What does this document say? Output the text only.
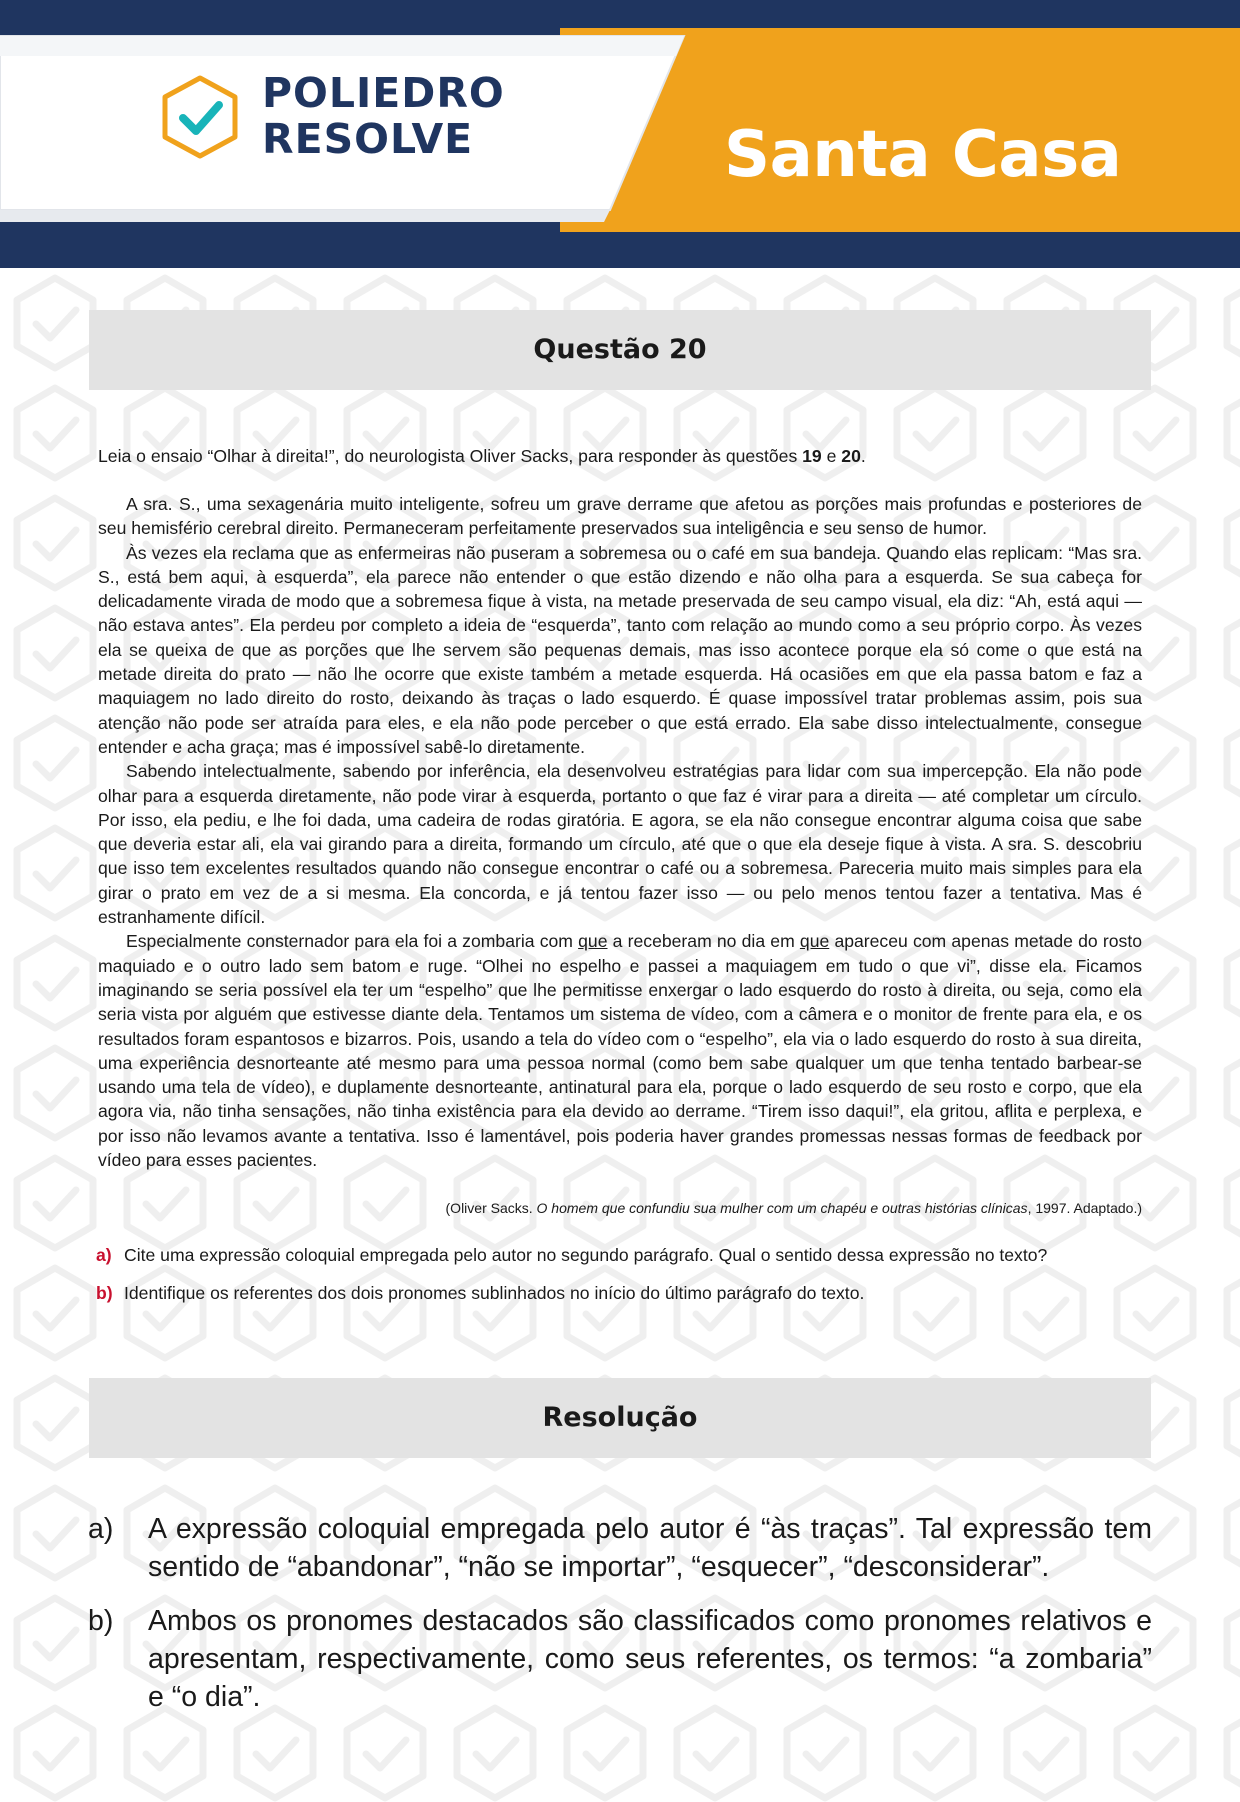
POLIEDRO
RESOLVE	Santa Casa
Questão 20
Leia o ensaio “Olhar à direita!”, do neurologista Oliver Sacks, para responder às questões 19 e 20.

A sra. S., uma sexagenária muito inteligente, sofreu um grave derrame que afetou as porções mais profundas e posteriores de seu hemisfério cerebral direito. Permaneceram perfeitamente preservados sua inteligência e seu senso de humor.

Às vezes ela reclama que as enfermeiras não puseram a sobremesa ou o café em sua bandeja. Quando elas replicam: “Mas sra. S., está bem aqui, à esquerda”, ela parece não entender o que estão dizendo e não olha para a esquerda. Se sua cabeça for delicadamente virada de modo que a sobremesa fique à vista, na metade preservada de seu campo visual, ela diz: “Ah, está aqui — não estava antes”. Ela perdeu por completo a ideia de “esquerda”, tanto com relação ao mundo como a seu próprio corpo. Às vezes ela se queixa de que as porções que lhe servem são pequenas demais, mas isso acontece porque ela só come o que está na metade direita do prato — não lhe ocorre que existe também a metade esquerda. Há ocasiões em que ela passa batom e faz a maquiagem no lado direito do rosto, deixando às traças o lado esquerdo. É quase impossível tratar problemas assim, pois sua atenção não pode ser atraída para eles, e ela não pode perceber o que está errado. Ela sabe disso intelectualmente, consegue entender e acha graça; mas é impossível sabê-lo diretamente.

Sabendo intelectualmente, sabendo por inferência, ela desenvolveu estratégias para lidar com sua impercepção. Ela não pode olhar para a esquerda diretamente, não pode virar à esquerda, portanto o que faz é virar para a direita — até completar um círculo. Por isso, ela pediu, e lhe foi dada, uma cadeira de rodas giratória. E agora, se ela não consegue encontrar alguma coisa que sabe que deveria estar ali, ela vai girando para a direita, formando um círculo, até que o que ela deseje fique à vista. A sra. S. descobriu que isso tem excelentes resultados quando não consegue encontrar o café ou a sobremesa. Pareceria muito mais simples para ela girar o prato em vez de a si mesma. Ela concorda, e já tentou fazer isso — ou pelo menos tentou fazer a tentativa. Mas é estranhamente difícil.

Especialmente consternador para ela foi a zombaria com que a receberam no dia em que apareceu com apenas metade do rosto maquiado e o outro lado sem batom e ruge. “Olhei no espelho e passei a maquiagem em tudo o que vi”, disse ela. Ficamos imaginando se seria possível ela ter um “espelho” que lhe permitisse enxergar o lado esquerdo do rosto à direita, ou seja, como ela seria vista por alguém que estivesse diante dela. Tentamos um sistema de vídeo, com a câmera e o monitor de frente para ela, e os resultados foram espantosos e bizarros. Pois, usando a tela do vídeo com o “espelho”, ela via o lado esquerdo do rosto à sua direita, uma experiência desnorteante até mesmo para uma pessoa normal (como bem sabe qualquer um que tenha tentado barbear-se usando uma tela de vídeo), e duplamente desnorteante, antinatural para ela, porque o lado esquerdo de seu rosto e corpo, que ela agora via, não tinha sensações, não tinha existência para ela devido ao derrame. “Tirem isso daqui!”, ela gritou, aflita e perplexa, e por isso não levamos avante a tentativa. Isso é lamentável, pois poderia haver grandes promessas nessas formas de feedback por vídeo para esses pacientes.

(Oliver Sacks. O homem que confundiu sua mulher com um chapéu e outras histórias clínicas, 1997. Adaptado.)
a) Cite uma expressão coloquial empregada pelo autor no segundo parágrafo. Qual o sentido dessa expressão no texto?
b) Identifique os referentes dos dois pronomes sublinhados no início do último parágrafo do texto.
Resolução
a)	A expressão coloquial empregada pelo autor é “às traças”. Tal expressão tem sentido de “abandonar”, “não se importar”, “esquecer”, “desconsiderar”.
b)	Ambos os pronomes destacados são classificados como pronomes relativos e apresentam, respectivamente, como seus referentes, os termos: “a zombaria” e “o dia”.
